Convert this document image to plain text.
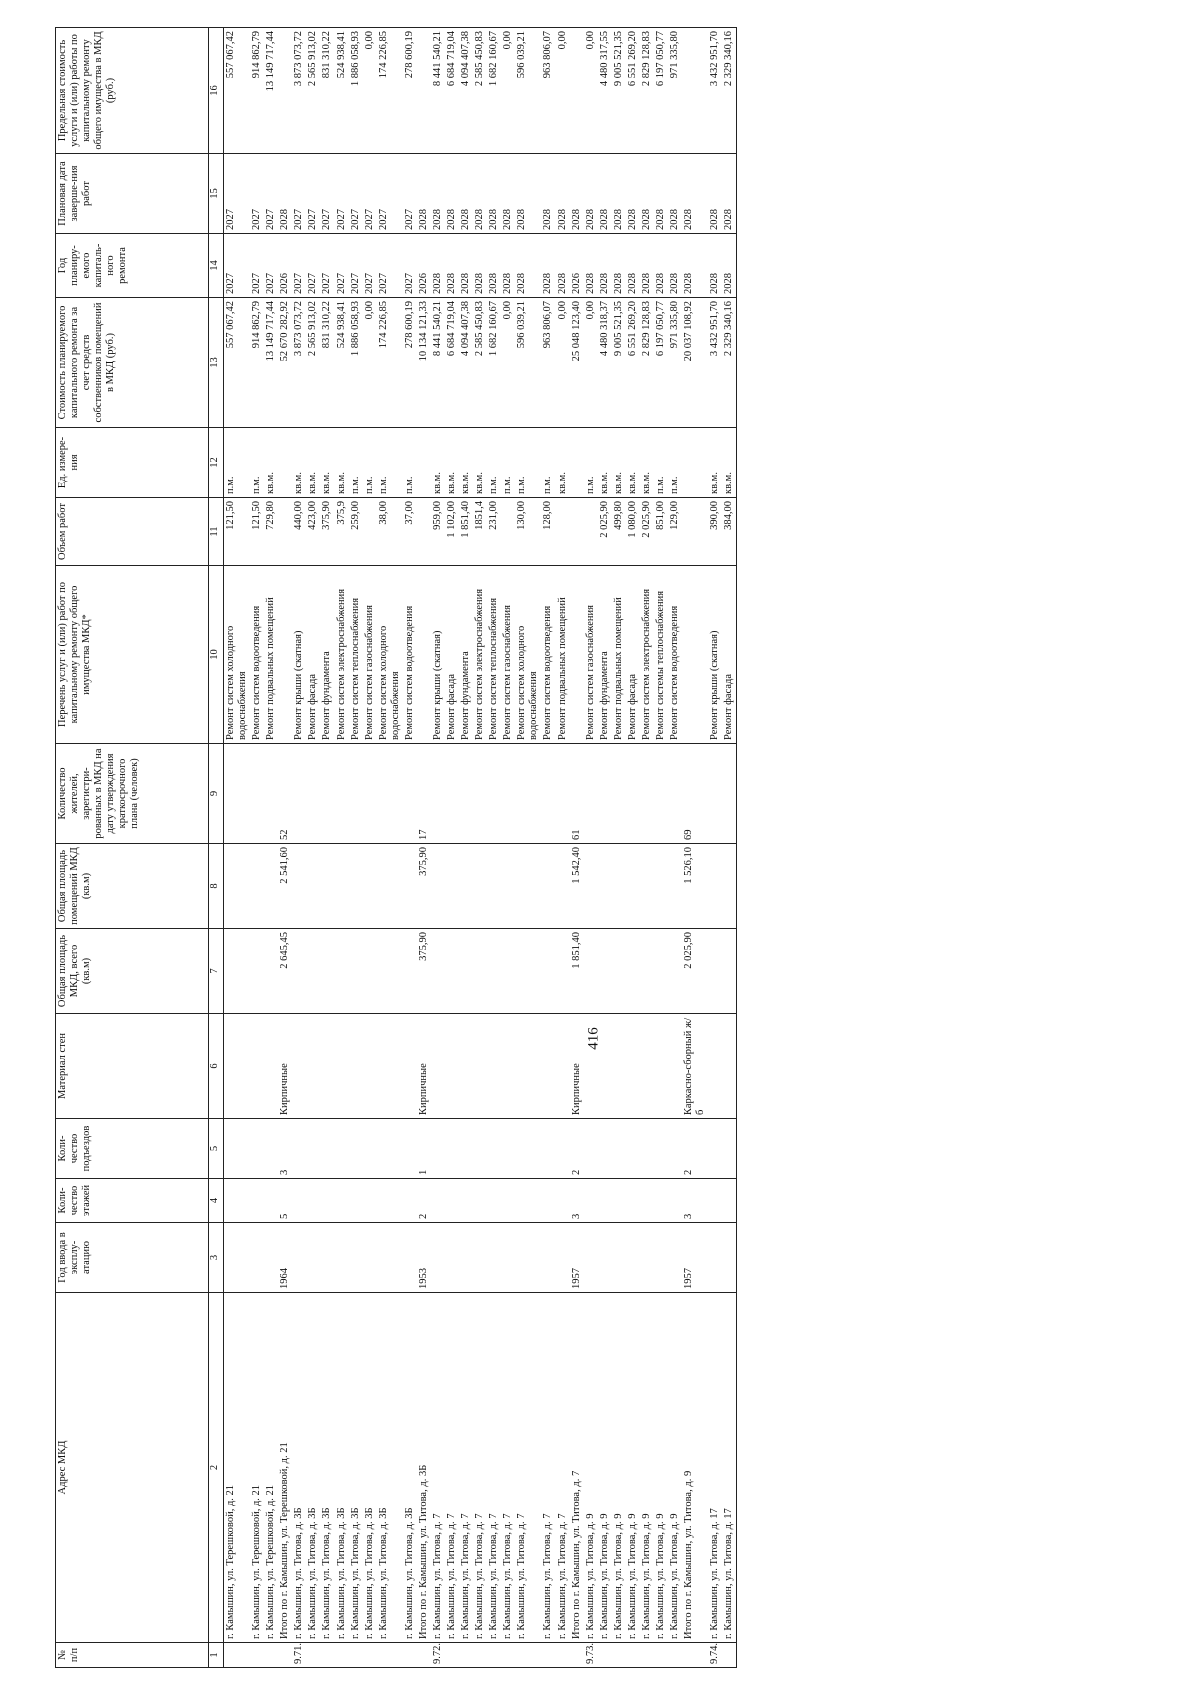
416
№ п/п	Адрес МКД	Год ввода в эксплу-атацию	Коли-чество этажей	Коли-чество подъездов	Материал стен	Общая площадь МКД, всего (кв.м)	Общая площадь помещений МКД (кв.м)	Количество жителей, зарегистри-рованных в МКД на дату утверждения краткосрочного плана (человек)	Перечень услуг и (или) работ по капитальному ремонту общего имущества МКД*	Объем работ	Ед. измере-ния	Стоимость планируемого капитального ремонта за счет средств собственников помещений в МКД (руб.)	Год планиру-емого капиталь-ного ремонта	Плановая дата заверше-ния работ	Предельная стоимость услуги и (или) работы по капитальному ремонту общего имущества в МКД (руб.)
1	2	3	4	5	6	7	8	9	10	11	12	13	14	15	16
	г. Камышин, ул. Терешковой, д. 21								Ремонт систем холодного водоснабжения	121,50	п.м.	557 067,42	2027	2027	557 067,42
	г. Камышин, ул. Терешковой, д. 21								Ремонт систем водоотведения	121,50	п.м.	914 862,79	2027	2027	914 862,79
	г. Камышин, ул. Терешковой, д. 21								Ремонт подвальных помещений	729,80	кв.м.	13 149 717,44	2027	2027	13 149 717,44
	Итого по г. Камышин, ул. Терешковой, д. 21	1964	5	3	Кирпичные	2 645,45	2 541,60	52				52 670 282,92	2026	2028	
9.71.	г. Камышин, ул. Титова, д. 3Б								Ремонт крыши (скатная)	440,00	кв.м.	3 873 073,72	2027	2027	3 873 073,72
	г. Камышин, ул. Титова, д. 3Б								Ремонт фасада	423,00	кв.м.	2 565 913,02	2027	2027	2 565 913,02
	г. Камышин, ул. Титова, д. 3Б								Ремонт фундамента	375,90	кв.м.	831 310,22	2027	2027	831 310,22
	г. Камышин, ул. Титова, д. 3Б								Ремонт систем электроснабжения	375,9	кв.м.	524 938,41	2027	2027	524 938,41
	г. Камышин, ул. Титова, д. 3Б								Ремонт систем теплоснабжения	259,00	п.м.	1 886 058,93	2027	2027	1 886 058,93
	г. Камышин, ул. Титова, д. 3Б								Ремонт систем газоснабжения		п.м.	0,00	2027	2027	0,00
	г. Камышин, ул. Титова, д. 3Б								Ремонт систем холодного водоснабжения	38,00	п.м.	174 226,85	2027	2027	174 226,85
	г. Камышин, ул. Титова, д. 3Б								Ремонт систем водоотведения	37,00	п.м.	278 600,19	2027	2027	278 600,19
	Итого по г. Камышин, ул. Титова, д. 3Б	1953	2	1	Кирпичные	375,90	375,90	17				10 134 121,33	2026	2028	
9.72.	г. Камышин, ул. Титова, д. 7								Ремонт крыши (скатная)	959,00	кв.м.	8 441 540,21	2028	2028	8 441 540,21
	г. Камышин, ул. Титова, д. 7								Ремонт фасада	1 102,00	кв.м.	6 684 719,04	2028	2028	6 684 719,04
	г. Камышин, ул. Титова, д. 7								Ремонт фундамента	1 851,40	кв.м.	4 094 407,38	2028	2028	4 094 407,38
	г. Камышин, ул. Титова, д. 7								Ремонт систем электроснабжения	1851,4	кв.м.	2 585 450,83	2028	2028	2 585 450,83
	г. Камышин, ул. Титова, д. 7								Ремонт систем теплоснабжения	231,00	п.м.	1 682 160,67	2028	2028	1 682 160,67
	г. Камышин, ул. Титова, д. 7								Ремонт систем газоснабжения		п.м.	0,00	2028	2028	0,00
	г. Камышин, ул. Титова, д. 7								Ремонт систем холодного водоснабжения	130,00	п.м.	596 039,21	2028	2028	596 039,21
	г. Камышин, ул. Титова, д. 7								Ремонт систем водоотведения	128,00	п.м.	963 806,07	2028	2028	963 806,07
	г. Камышин, ул. Титова, д. 7								Ремонт подвальных помещений		кв.м.	0,00	2028	2028	0,00
	Итого по г. Камышин, ул. Титова, д. 7	1957	3	2	Кирпичные	1 851,40	1 542,40	61				25 048 123,40	2026	2028	
9.73.	г. Камышин, ул. Титова, д. 9								Ремонт систем газоснабжения		п.м.	0,00	2028	2028	0,00
	г. Камышин, ул. Титова, д. 9								Ремонт фундамента	2 025,90	кв.м.	4 480 318,37	2028	2028	4 480 317,55
	г. Камышин, ул. Титова, д. 9								Ремонт подвальных помещений	499,80	кв.м.	9 005 521,35	2028	2028	9 005 521,35
	г. Камышин, ул. Титова, д. 9								Ремонт фасада	1 080,00	кв.м.	6 551 269,20	2028	2028	6 551 269,20
	г. Камышин, ул. Титова, д. 9								Ремонт систем электроснабжения	2 025,90	кв.м.	2 829 128,83	2028	2028	2 829 128,83
	г. Камышин, ул. Титова, д. 9								Ремонт системы теплоснабжения	851,00	п.м.	6 197 050,77	2028	2028	6 197 050,77
	г. Камышин, ул. Титова, д. 9								Ремонт систем водоотведения	129,00	п.м.	971 335,80	2028	2028	971 335,80
	Итого по г. Камышин, ул. Титова, д. 9	1957	3	2	Каркасно-сборный ж/б	2 025,90	1 526,10	69				20 037 108,92	2028	2028	
9.74.	г. Камышин, ул. Титова, д. 17								Ремонт крыши (скатная)	390,00	кв.м.	3 432 951,70	2028	2028	3 432 951,70
	г. Камышин, ул. Титова, д. 17								Ремонт фасада	384,00	кв.м.	2 329 340,16	2028	2028	2 329 340,16
